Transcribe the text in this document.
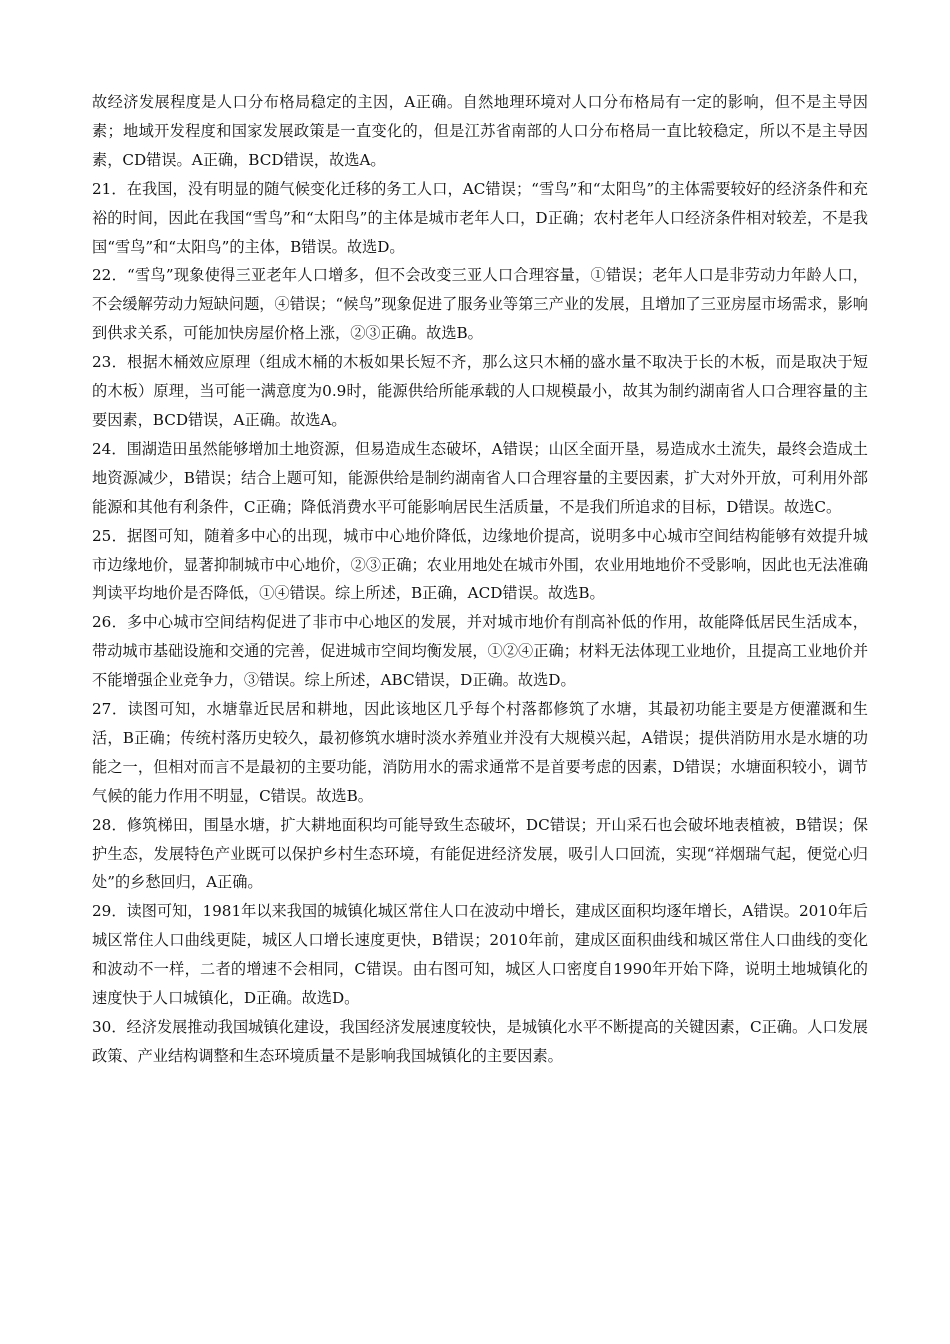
故经济发展程度是人口分布格局稳定的主因，A正确。自然地理环境对人口分布格局有一定的影响，但不是主导因素；地域开发程度和国家发展政策是一直变化的，但是江苏省南部的人口分布格局一直比较稳定，所以不是主导因素，CD错误。A正确，BCD错误，故选A。

21．在我国，没有明显的随气候变化迁移的务工人口，AC错误；“雪鸟”和“太阳鸟”的主体需要较好的经济条件和充裕的时间，因此在我国“雪鸟”和“太阳鸟”的主体是城市老年人口，D正确；农村老年人口经济条件相对较差，不是我国“雪鸟”和“太阳鸟”的主体，B错误。故选D。

22．“雪鸟”现象使得三亚老年人口增多，但不会改变三亚人口合理容量，①错误；老年人口是非劳动力年龄人口，不会缓解劳动力短缺问题，④错误；“候鸟”现象促进了服务业等第三产业的发展，且增加了三亚房屋市场需求，影响到供求关系，可能加快房屋价格上涨，②③正确。故选B。

23．根据木桶效应原理（组成木桶的木板如果长短不齐，那么这只木桶的盛水量不取决于长的木板，而是取决于短的木板）原理，当可能一满意度为0.9时，能源供给所能承载的人口规模最小，故其为制约湖南省人口合理容量的主要因素，BCD错误，A正确。故选A。

24．围湖造田虽然能够增加土地资源，但易造成生态破坏，A错误；山区全面开垦，易造成水土流失，最终会造成土地资源减少，B错误；结合上题可知，能源供给是制约湖南省人口合理容量的主要因素，扩大对外开放，可利用外部能源和其他有利条件，C正确；降低消费水平可能影响居民生活质量，不是我们所追求的目标，D错误。故选C。

25．据图可知，随着多中心的出现，城市中心地价降低，边缘地价提高，说明多中心城市空间结构能够有效提升城市边缘地价，显著抑制城市中心地价，②③正确；农业用地处在城市外围，农业用地地价不受影响，因此也无法准确判读平均地价是否降低，①④错误。综上所述，B正确，ACD错误。故选B。

26．多中心城市空间结构促进了非市中心地区的发展，并对城市地价有削高补低的作用，故能降低居民生活成本，带动城市基础设施和交通的完善，促进城市空间均衡发展，①②④正确；材料无法体现工业地价，且提高工业地价并不能增强企业竞争力，③错误。综上所述，ABC错误，D正确。故选D。

27．读图可知，水塘靠近民居和耕地，因此该地区几乎每个村落都修筑了水塘，其最初功能主要是方便灌溉和生活，B正确；传统村落历史较久，最初修筑水塘时淡水养殖业并没有大规模兴起，A错误；提供消防用水是水塘的功能之一，但相对而言不是最初的主要功能，消防用水的需求通常不是首要考虑的因素，D错误；水塘面积较小，调节气候的能力作用不明显，C错误。故选B。

28．修筑梯田，围垦水塘，扩大耕地面积均可能导致生态破坏，DC错误；开山采石也会破坏地表植被，B错误；保护生态，发展特色产业既可以保护乡村生态环境，有能促进经济发展，吸引人口回流，实现“祥烟瑞气起，便觉心归处”的乡愁回归，A正确。

29．读图可知，1981年以来我国的城镇化城区常住人口在波动中增长，建成区面积均逐年增长，A错误。2010年后城区常住人口曲线更陡，城区人口增长速度更快，B错误；2010年前，建成区面积曲线和城区常住人口曲线的变化和波动不一样，二者的增速不会相同，C错误。由右图可知，城区人口密度自1990年开始下降，说明土地城镇化的速度快于人口城镇化，D正确。故选D。

30．经济发展推动我国城镇化建设，我国经济发展速度较快，是城镇化水平不断提高的关键因素，C正确。人口发展政策、产业结构调整和生态环境质量不是影响我国城镇化的主要因素。
